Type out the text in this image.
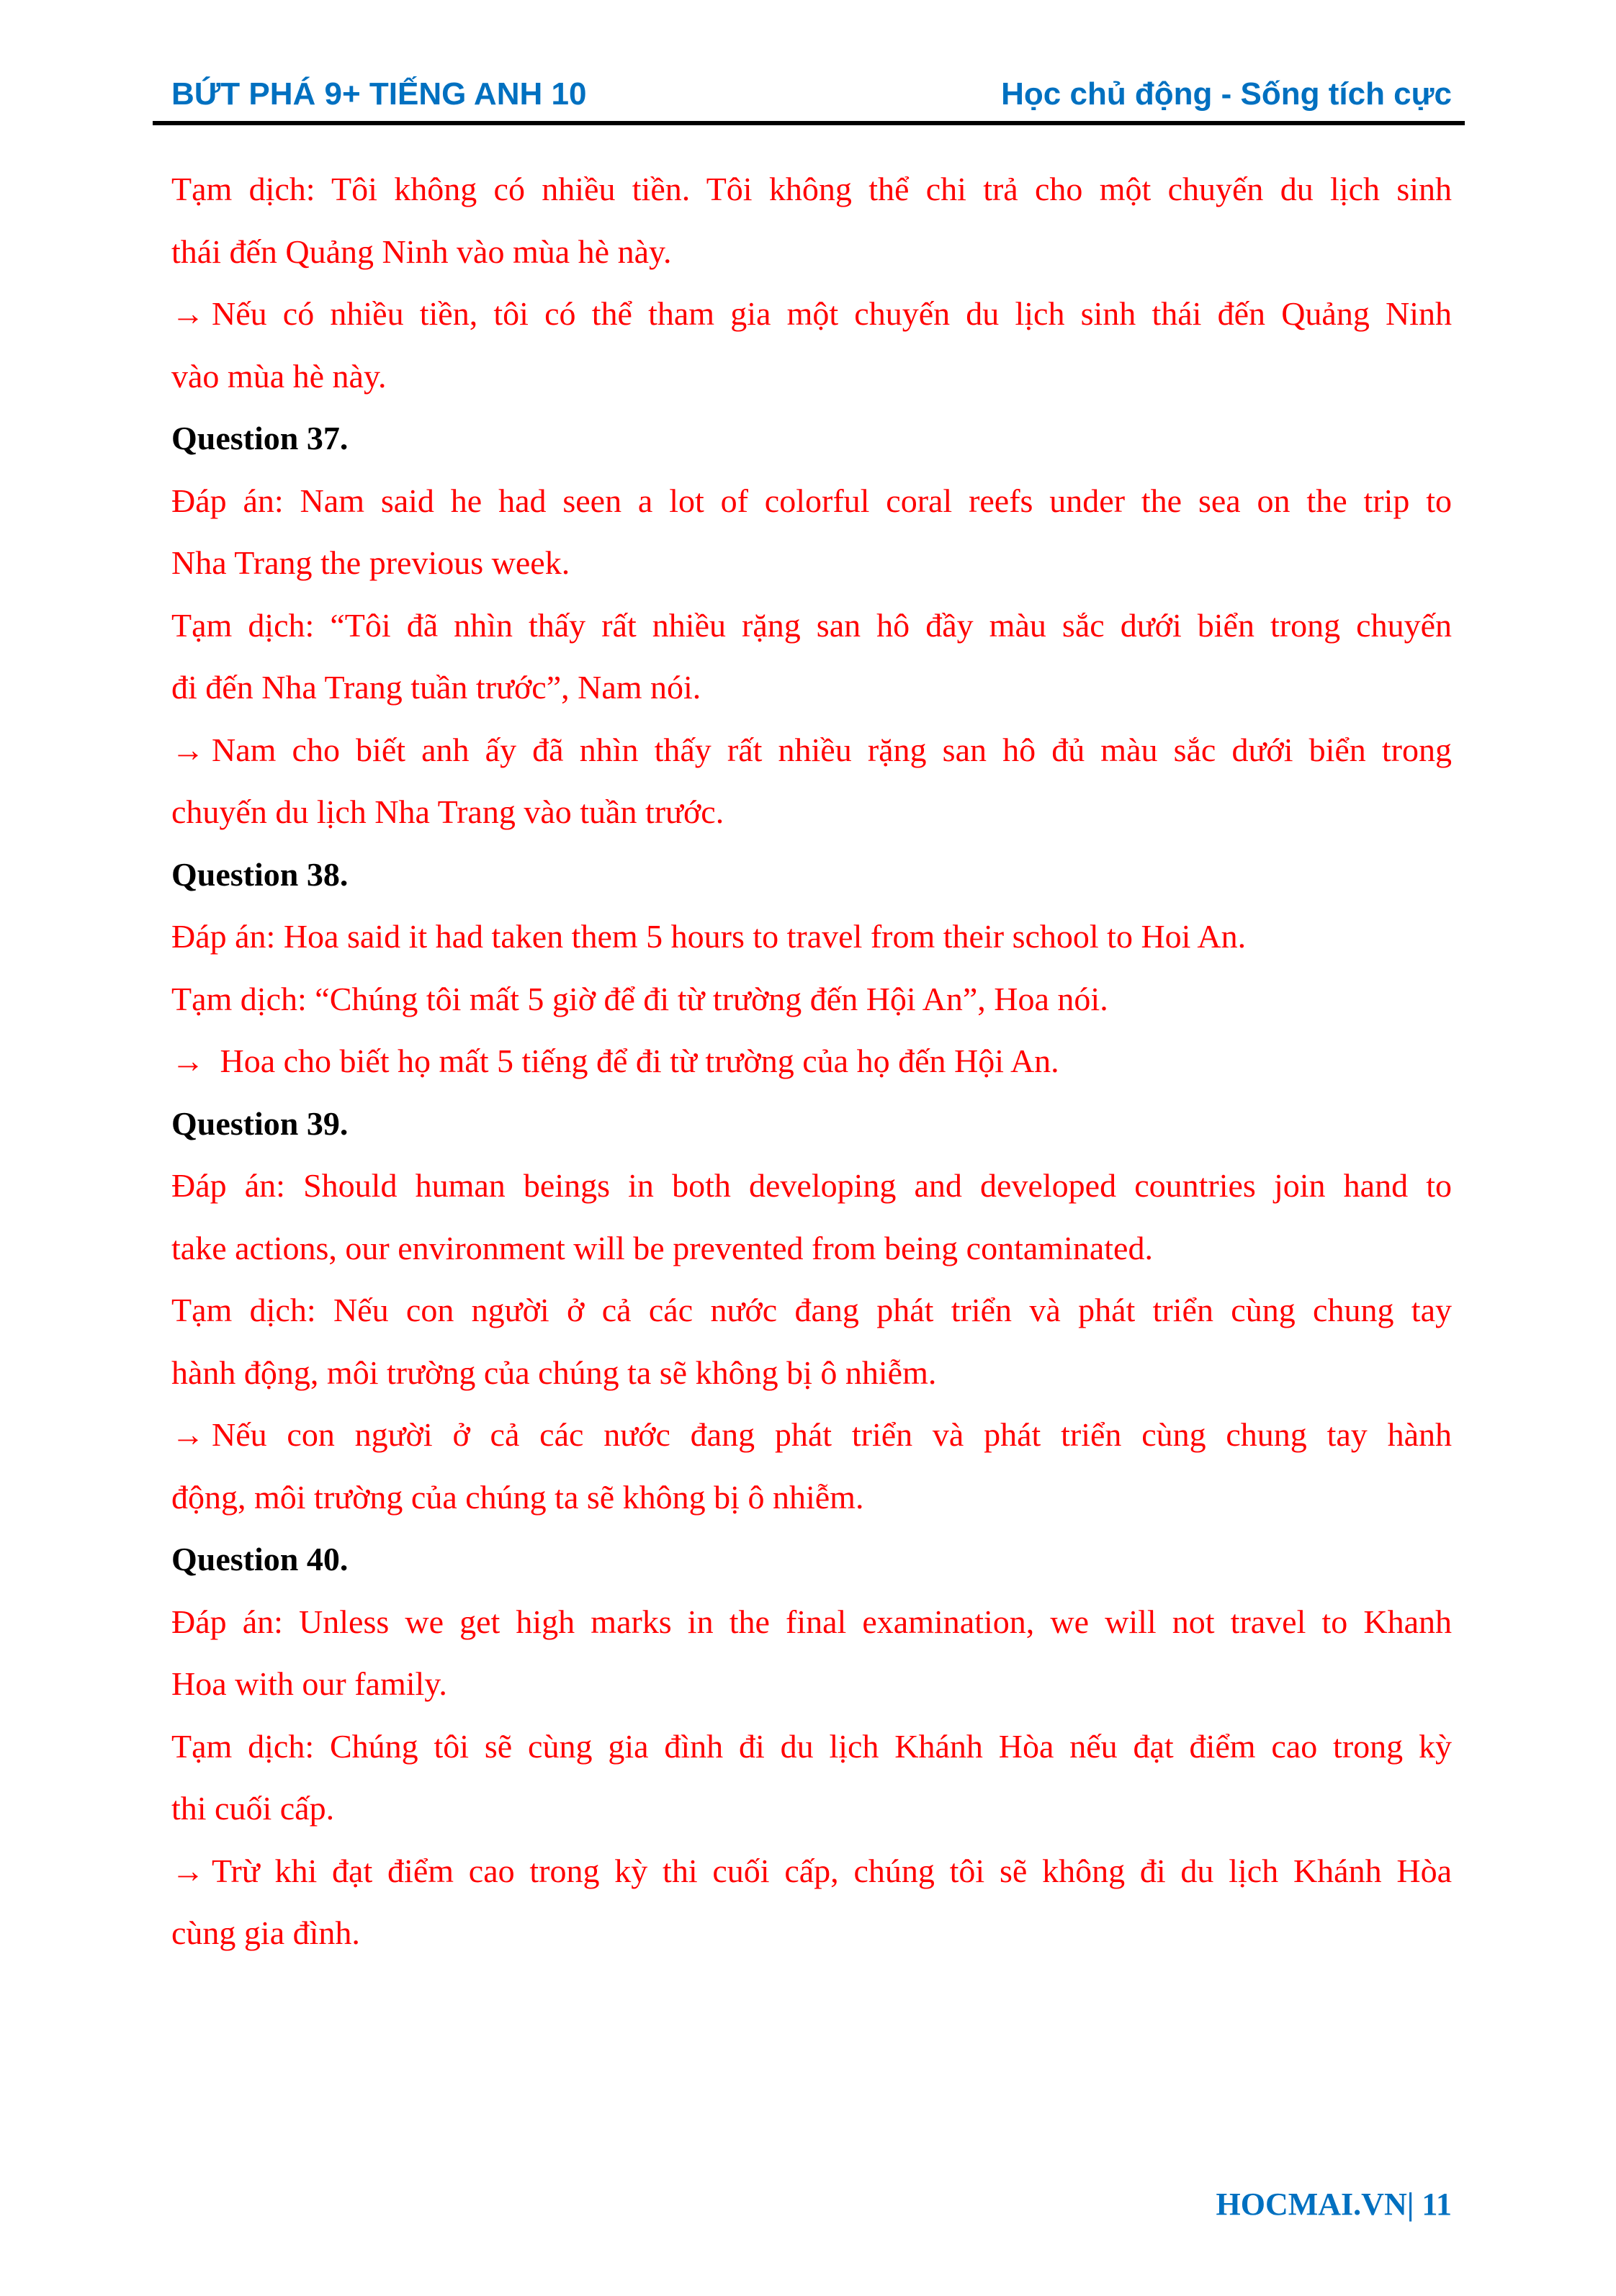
BỨT PHÁ 9+ TIẾNG ANH 10	Học chủ động - Sống tích cực
Tạm dịch: Tôi không có nhiều tiền. Tôi không thể chi trả cho một chuyến du lịch sinh
thái đến Quảng Ninh vào mùa hè này.
→ Nếu có nhiều tiền, tôi có thể tham gia một chuyến du lịch sinh thái đến Quảng Ninh
vào mùa hè này.
Question 37.
Đáp án: Nam said he had seen a lot of colorful coral reefs under the sea on the trip to
Nha Trang the previous week.
Tạm dịch: “Tôi đã nhìn thấy rất nhiều rặng san hô đầy màu sắc dưới biển trong chuyến
đi đến Nha Trang tuần trước”, Nam nói.
→ Nam cho biết anh ấy đã nhìn thấy rất nhiều rặng san hô đủ màu sắc dưới biển trong
chuyến du lịch Nha Trang vào tuần trước.
Question 38.
Đáp án: Hoa said it had taken them 5 hours to travel from their school to Hoi An.
Tạm dịch: “Chúng tôi mất 5 giờ để đi từ trường đến Hội An”, Hoa nói.
→ Hoa cho biết họ mất 5 tiếng để đi từ trường của họ đến Hội An.
Question 39.
Đáp án: Should human beings in both developing and developed countries join hand to
take actions, our environment will be prevented from being contaminated.
Tạm dịch: Nếu con người ở cả các nước đang phát triển và phát triển cùng chung tay
hành động, môi trường của chúng ta sẽ không bị ô nhiễm.
→ Nếu con người ở cả các nước đang phát triển và phát triển cùng chung tay hành
động, môi trường của chúng ta sẽ không bị ô nhiễm.
Question 40.
Đáp án: Unless we get high marks in the final examination, we will not travel to Khanh
Hoa with our family.
Tạm dịch: Chúng tôi sẽ cùng gia đình đi du lịch Khánh Hòa nếu đạt điểm cao trong kỳ
thi cuối cấp.
→ Trừ khi đạt điểm cao trong kỳ thi cuối cấp, chúng tôi sẽ không đi du lịch Khánh Hòa
cùng gia đình.
HOCMAI.VN| 11
